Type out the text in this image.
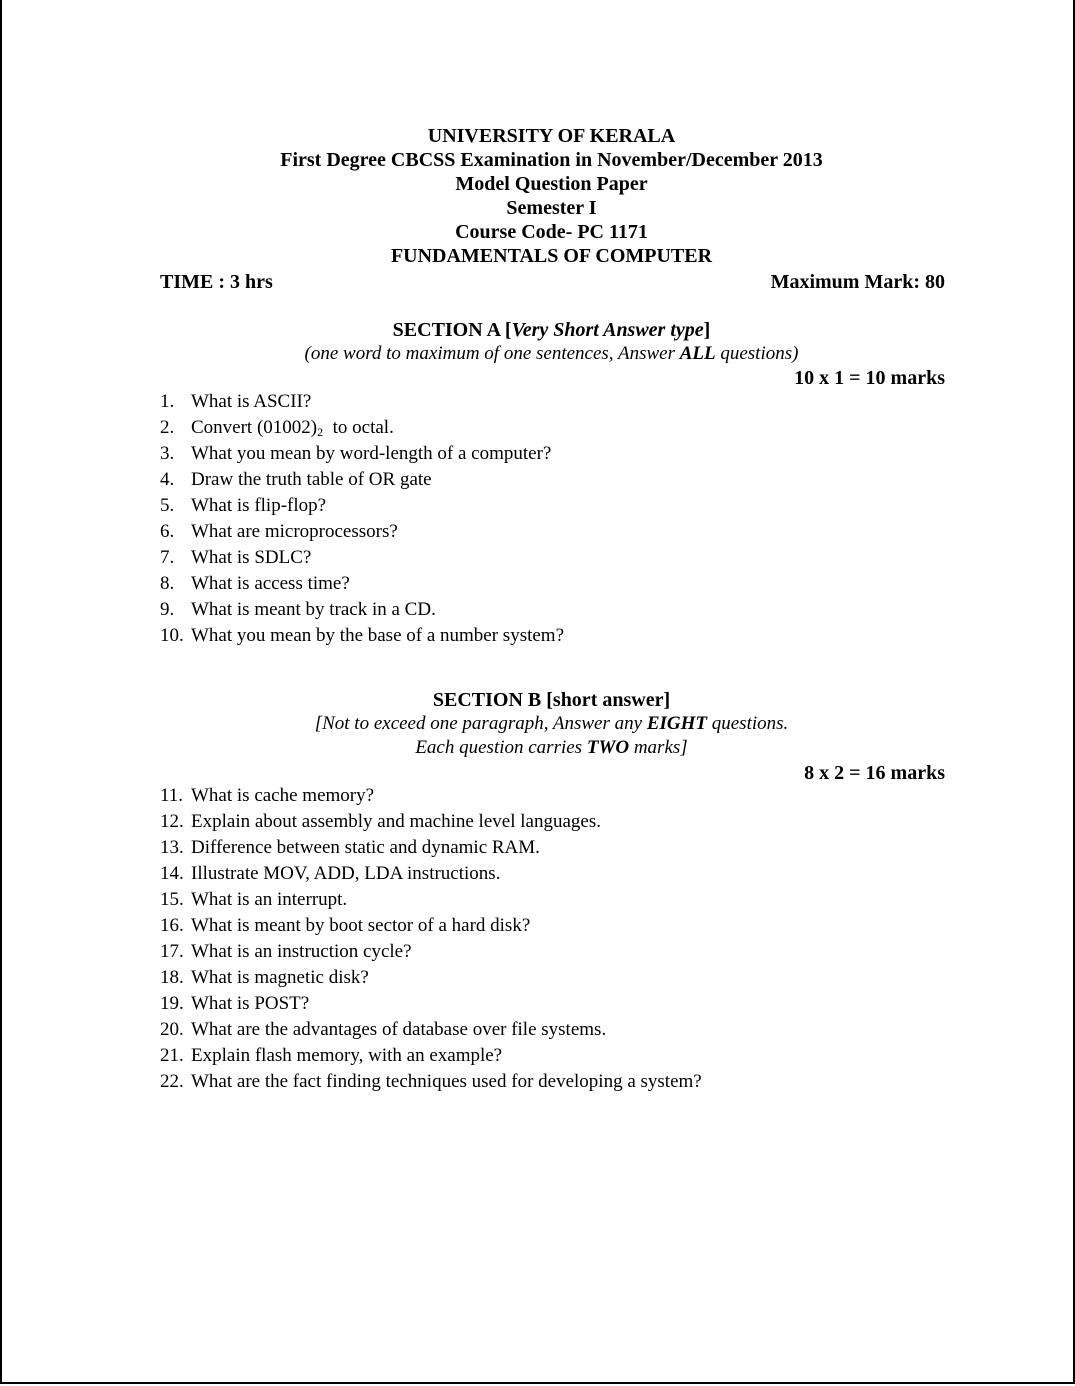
UNIVERSITY OF KERALA
First Degree CBCSS Examination in November/December 2013
Model Question Paper
Semester I
Course Code- PC 1171
FUNDAMENTALS OF COMPUTER
TIME : 3 hrs	Maximum Mark: 80
SECTION A [Very Short Answer type]
(one word to maximum of one sentences, Answer ALL questions)
10 x 1 = 10 marks
1. What is ASCII?
2. Convert $(01002)_2$  to octal.
3. What you mean by word-length of a computer?
4. Draw the truth table of OR gate
5. What is flip-flop?
6. What are microprocessors?
7. What is SDLC?
8. What is access time?
9. What is meant by track in a CD.
10. What you mean by the base of a number system?
SECTION B [short answer]
[Not to exceed one paragraph, Answer any EIGHT questions.
Each question carries TWO marks]
8 x 2 = 16 marks
11. What is cache memory?
12. Explain about assembly and machine level languages.
13. Difference between static and dynamic RAM.
14. Illustrate MOV, ADD, LDA instructions.
15. What is an interrupt.
16. What is meant by boot sector of a hard disk?
17. What is an instruction cycle?
18. What is magnetic disk?
19. What is POST?
20. What are the advantages of database over file systems.
21. Explain flash memory, with an example?
22. What are the fact finding techniques used for developing a system?
